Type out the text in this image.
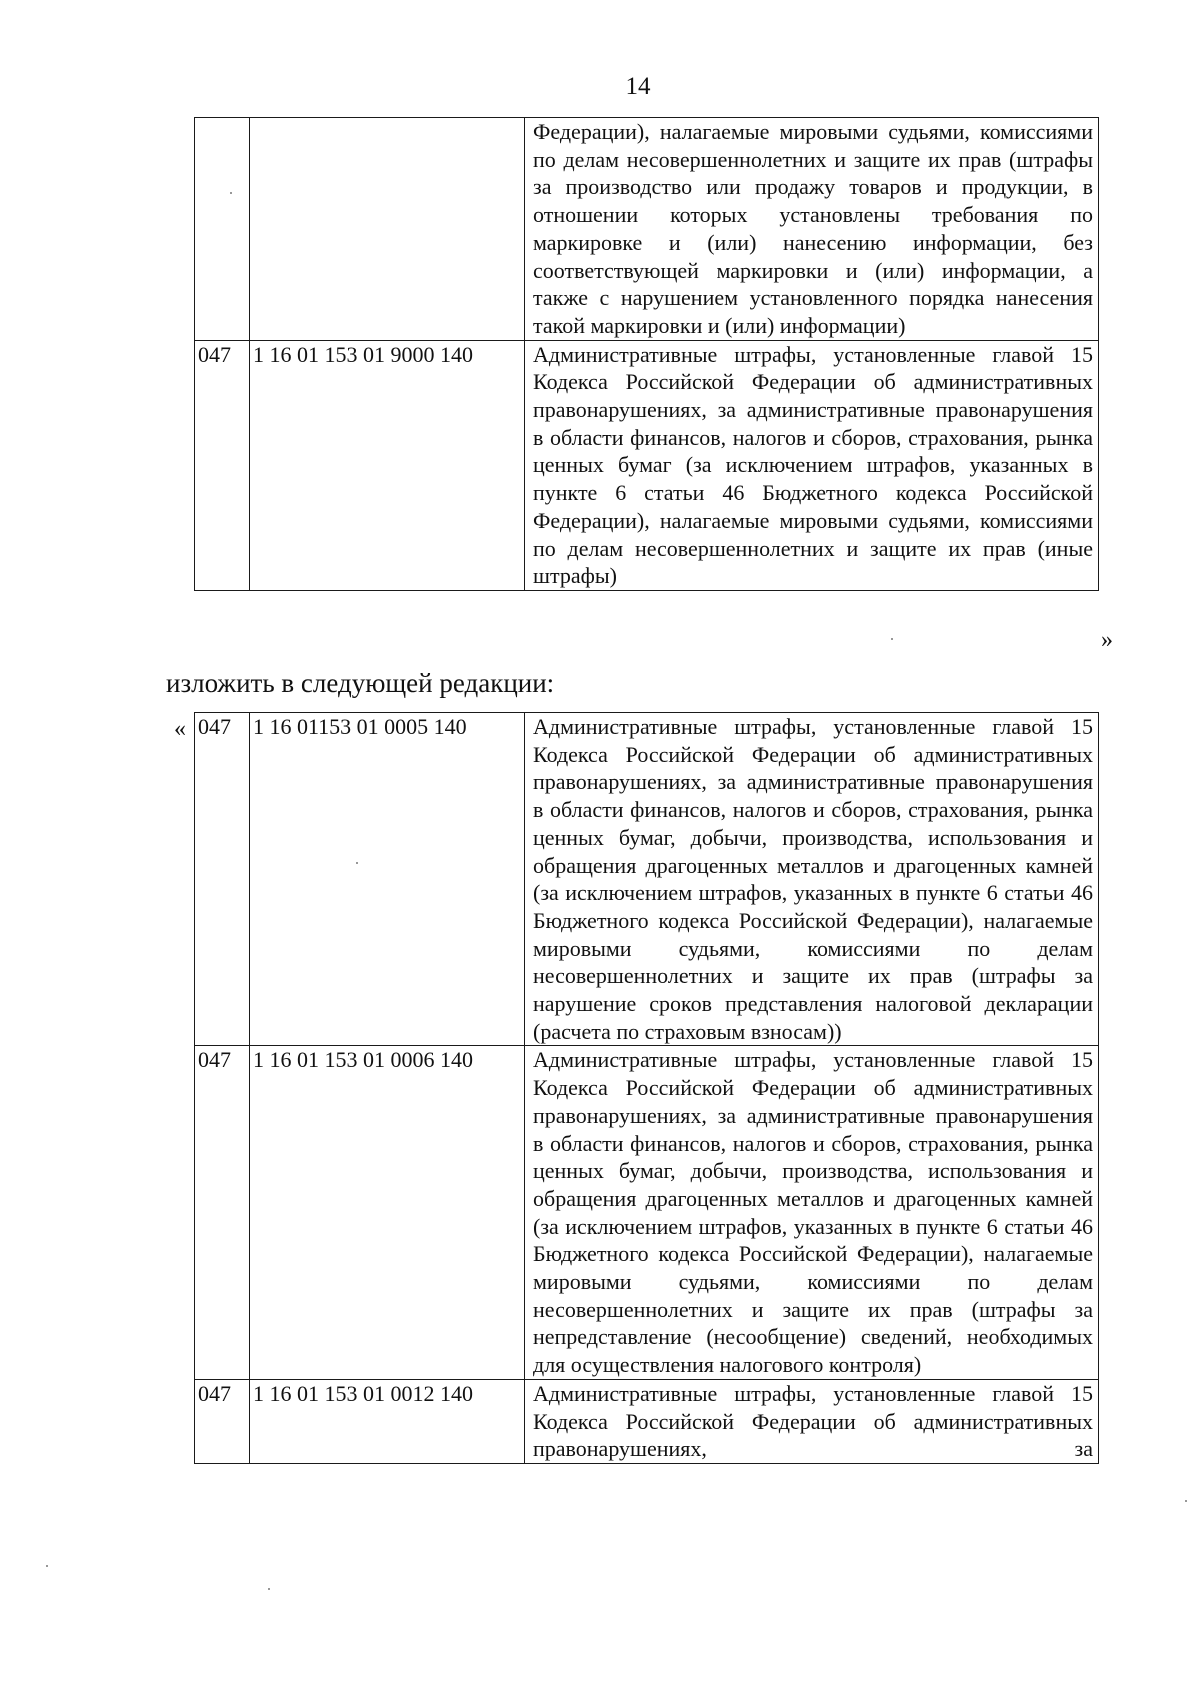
14
		Федерации), налагаемые мировыми судьями, комиссиями по делам несовершеннолетних и защите их прав (штрафы за производство или продажу товаров и продукции, в отношении которых установлены требования по маркировке и (или) нанесению информации, без соответствующей маркировки и (или) информации, а также с нарушением установленного порядка нанесения такой маркировки и (или) информации)
047	1 16 01 153 01 9000 140	Административные штрафы, установленные главой 15 Кодекса Российской Федерации об административных правонарушениях, за административные правонарушения в области финансов, налогов и сборов, страхования, рынка ценных бумаг (за исключением штрафов, указанных в пункте 6 статьи 46 Бюджетного кодекса Российской Федерации), налагаемые мировыми судьями, комиссиями по делам несовершеннолетних и защите их прав (иные штрафы)
»
изложить в следующей редакции:
« 047	1 16 01153 01 0005 140	Административные штрафы, установленные главой 15 Кодекса Российской Федерации об административных правонарушениях, за административные правонарушения в области финансов, налогов и сборов, страхования, рынка ценных бумаг, добычи, производства, использования и обращения драгоценных металлов и драгоценных камней (за исключением штрафов, указанных в пункте 6 статьи 46 Бюджетного кодекса Российской Федерации), налагаемые мировыми судьями, комиссиями по делам несовершеннолетних и защите их прав (штрафы за нарушение сроков представления налоговой декларации (расчета по страховым взносам))
047	1 16 01 153 01 0006 140	Административные штрафы, установленные главой 15 Кодекса Российской Федерации об административных правонарушениях, за административные правонарушения в области финансов, налогов и сборов, страхования, рынка ценных бумаг, добычи, производства, использования и обращения драгоценных металлов и драгоценных камней (за исключением штрафов, указанных в пункте 6 статьи 46 Бюджетного кодекса Российской Федерации), налагаемые мировыми судьями, комиссиями по делам несовершеннолетних и защите их прав (штрафы за непредставление (несообщение) сведений, необходимых для осуществления налогового контроля)
047	1 16 01 153 01 0012 140	Административные штрафы, установленные главой 15 Кодекса Российской Федерации об административных правонарушениях, за
